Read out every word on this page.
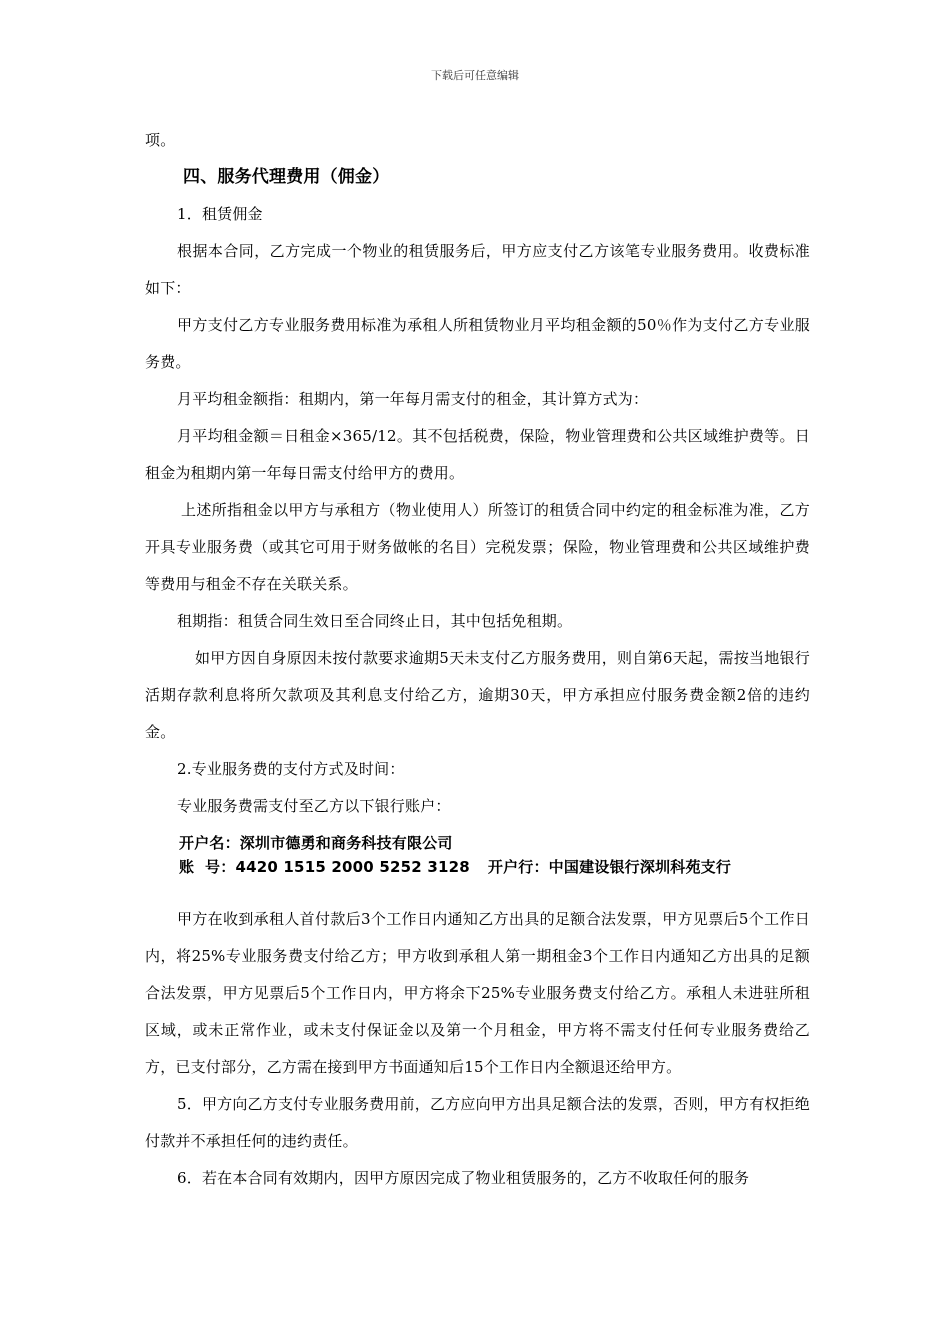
下载后可任意编辑

项。

四、服务代理费用（佣金）

1．租赁佣金

根据本合同，乙方完成一个物业的租赁服务后，甲方应支付乙方该笔专业服务费用。收费标准如下：

甲方支付乙方专业服务费用标准为承租人所租赁物业月平均租金额的50％作为支付乙方专业服务费。

月平均租金额指：租期内，第一年每月需支付的租金，其计算方式为：

月平均租金额＝日租金×365/12。其不包括税费，保险，物业管理费和公共区域维护费等。日租金为租期内第一年每日需支付给甲方的费用。

上述所指租金以甲方与承租方（物业使用人）所签订的租赁合同中约定的租金标准为准，乙方开具专业服务费（或其它可用于财务做帐的名目）完税发票；保险，物业管理费和公共区域维护费等费用与租金不存在关联关系。

租期指：租赁合同生效日至合同终止日，其中包括免租期。

如甲方因自身原因未按付款要求逾期5天未支付乙方服务费用，则自第6天起，需按当地银行活期存款利息将所欠款项及其利息支付给乙方，逾期30天，甲方承担应付服务费金额2倍的违约金。

2.专业服务费的支付方式及时间：

专业服务费需支付至乙方以下银行账户：

开户名：深圳市德勇和商务科技有限公司
账  号：4420 1515 2000 5252 3128 开户行：中国建设银行深圳科苑支行

甲方在收到承租人首付款后3个工作日内通知乙方出具的足额合法发票，甲方见票后5个工作日内，将25%专业服务费支付给乙方；甲方收到承租人第一期租金3个工作日内通知乙方出具的足额合法发票，甲方见票后5个工作日内，甲方将余下25%专业服务费支付给乙方。承租人未进驻所租区域，或未正常作业，或未支付保证金以及第一个月租金，甲方将不需支付任何专业服务费给乙方，已支付部分，乙方需在接到甲方书面通知后15个工作日内全额退还给甲方。

5．甲方向乙方支付专业服务费用前，乙方应向甲方出具足额合法的发票，否则，甲方有权拒绝付款并不承担任何的违约责任。

6．若在本合同有效期内，因甲方原因完成了物业租赁服务的，乙方不收取任何的服务
